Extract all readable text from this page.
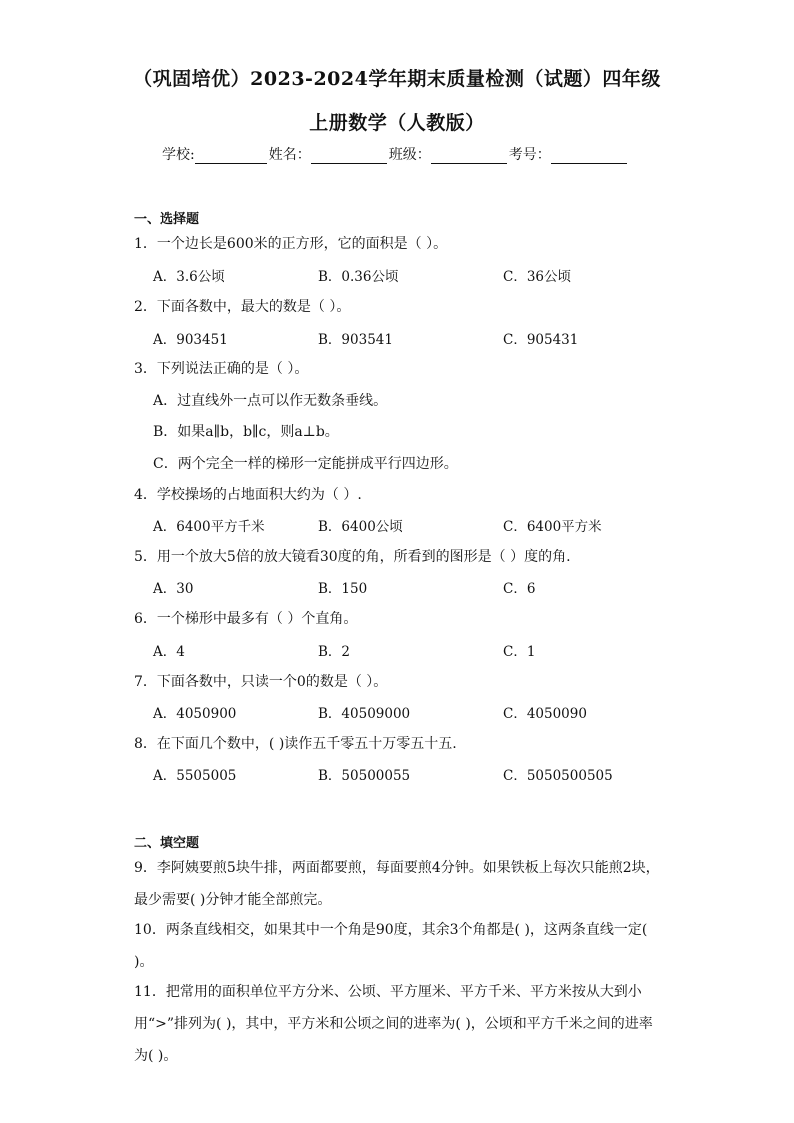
（巩固培优）2023-2024学年期末质量检测（试题）四年级
上册数学（人教版）
学校:	姓名：	班级：	考号：
一、选择题
1．一个边长是600米的正方形，它的面积是（ ）。
A．3.6公顷	B．0.36公顷	C．36公顷
2．下面各数中，最大的数是（ ）。
A．903451	B．903541	C．905431
3．下列说法正确的是（ ）。
A．过直线外一点可以作无数条垂线。
B．如果a∥b，b∥c，则a⊥b。
C．两个完全一样的梯形一定能拼成平行四边形。
4．学校操场的占地面积大约为（ ）.
A．6400平方千米	B．6400公顷	C．6400平方米
5．用一个放大5倍的放大镜看30度的角，所看到的图形是（ ）度的角.
A．30	B．150	C．6
6．一个梯形中最多有（ ）个直角。
A．4	B．2	C．1
7．下面各数中，只读一个0的数是（ ）。
A．4050900	B．40509000	C．4050090
8．在下面几个数中，( )读作五千零五十万零五十五.
A．5505005	B．50500055	C．5050500505
二、填空题
9．李阿姨要煎5块牛排，两面都要煎，每面要煎4分钟。如果铁板上每次只能煎2块，最少需要( )分钟才能全部煎完。
10．两条直线相交，如果其中一个角是90度，其余3个角都是( )，这两条直线一定( )。
11．把常用的面积单位平方分米、公顷、平方厘米、平方千米、平方米按从大到小用“>”排列为( )，其中，平方米和公顷之间的进率为( )，公顷和平方千米之间的进率为( )。
